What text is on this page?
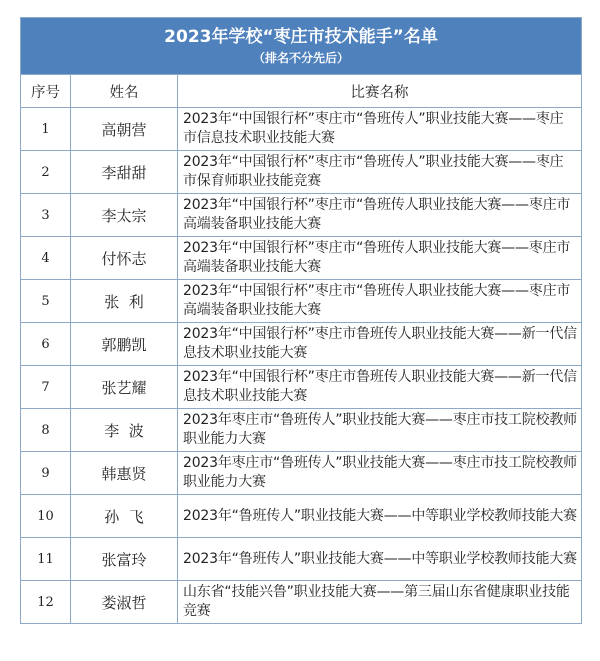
2023年学校“枣庄市技术能手”名单
（排名不分先后）		

序号	姓名	比赛名称
1	高朝营	2023年“中国银行杯”枣庄市“鲁班传人”职业技能大赛——枣庄市信息技术职业技能大赛
2	李甜甜	2023年“中国银行杯”枣庄市“鲁班传人”职业技能大赛——枣庄市保育师职业技能竞赛
3	李太宗	2023年“中国银行杯”枣庄市“鲁班传人职业技能大赛——枣庄市高端装备职业技能大赛
4	付怀志	2023年“中国银行杯”枣庄市“鲁班传人职业技能大赛——枣庄市高端装备职业技能大赛
5	张  利	2023年“中国银行杯”枣庄市“鲁班传人职业技能大赛——枣庄市高端装备职业技能大赛
6	郭鹏凯	2023年“中国银行杯”枣庄市鲁班传人职业技能大赛——新一代信息技术职业技能大赛
7	张艺耀	2023年“中国银行杯”枣庄市鲁班传人职业技能大赛——新一代信息技术职业技能大赛
8	李  波	2023年枣庄市“鲁班传人”职业技能大赛——枣庄市技工院校教师职业能力大赛
9	韩惠贤	2023年枣庄市“鲁班传人”职业技能大赛——枣庄市技工院校教师职业能力大赛
10	孙  飞	2023年“鲁班传人”职业技能大赛——中等职业学校教师技能大赛
11	张富玲	2023年“鲁班传人”职业技能大赛——中等职业学校教师技能大赛
12	娄淑哲	山东省“技能兴鲁”职业技能大赛——第三届山东省健康职业技能竞赛
